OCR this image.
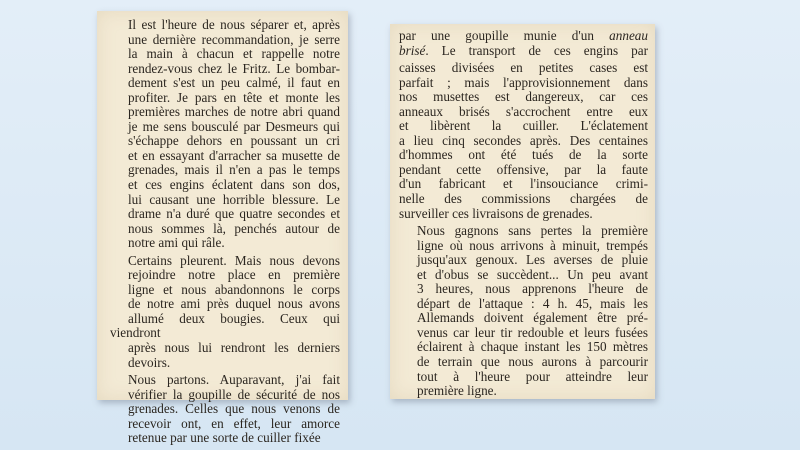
Il est l'heure de nous séparer et, après
une dernière recommandation, je serre
la main à chacun et rappelle notre
rendez-vous chez le Fritz. Le bombar-
dement s'est un peu calmé, il faut en
profiter. Je pars en tête et monte les
premières marches de notre abri quand
je me sens bousculé par Desmeurs qui
s'échappe dehors en poussant un cri
et en essayant d'arracher sa musette de
grenades, mais il n'en a pas le temps
et ces engins éclatent dans son dos,
lui causant une horrible blessure. Le
drame n'a duré que quatre secondes et
nous sommes là, penchés autour de
notre ami qui râle.
Certains pleurent. Mais nous devons
rejoindre notre place en première
ligne et nous abandonnons le corps
de notre ami près duquel nous avons
allumé deux bougies. Ceux qui viendront
après nous lui rendront les derniers
devoirs.
Nous partons. Auparavant, j'ai fait
vérifier la goupille de sécurité de nos
grenades. Celles que nous venons de
recevoir ont, en effet, leur amorce
retenue par une sorte de cuiller fixée
par une goupille munie d'un anneau
brisé. Le transport de ces engins par
caisses divisées en petites cases est
parfait ; mais l'approvisionnement dans
nos musettes est dangereux, car ces
anneaux brisés s'accrochent entre eux
et libèrent la cuiller. L'éclatement
a lieu cinq secondes après. Des centaines
d'hommes ont été tués de la sorte
pendant cette offensive, par la faute
d'un fabricant et l'insouciance crimi-
nelle des commissions chargées de
surveiller ces livraisons de grenades.
Nous gagnons sans pertes la première
ligne où nous arrivons à minuit, trempés
jusqu'aux genoux. Les averses de pluie
et d'obus se succèdent... Un peu avant
3 heures, nous apprenons l'heure de
départ de l'attaque : 4 h. 45, mais les
Allemands doivent également être pré-
venus car leur tir redouble et leurs fusées
éclairent à chaque instant les 150 mètres
de terrain que nous aurons à parcourir
tout à l'heure pour atteindre leur
première ligne.
